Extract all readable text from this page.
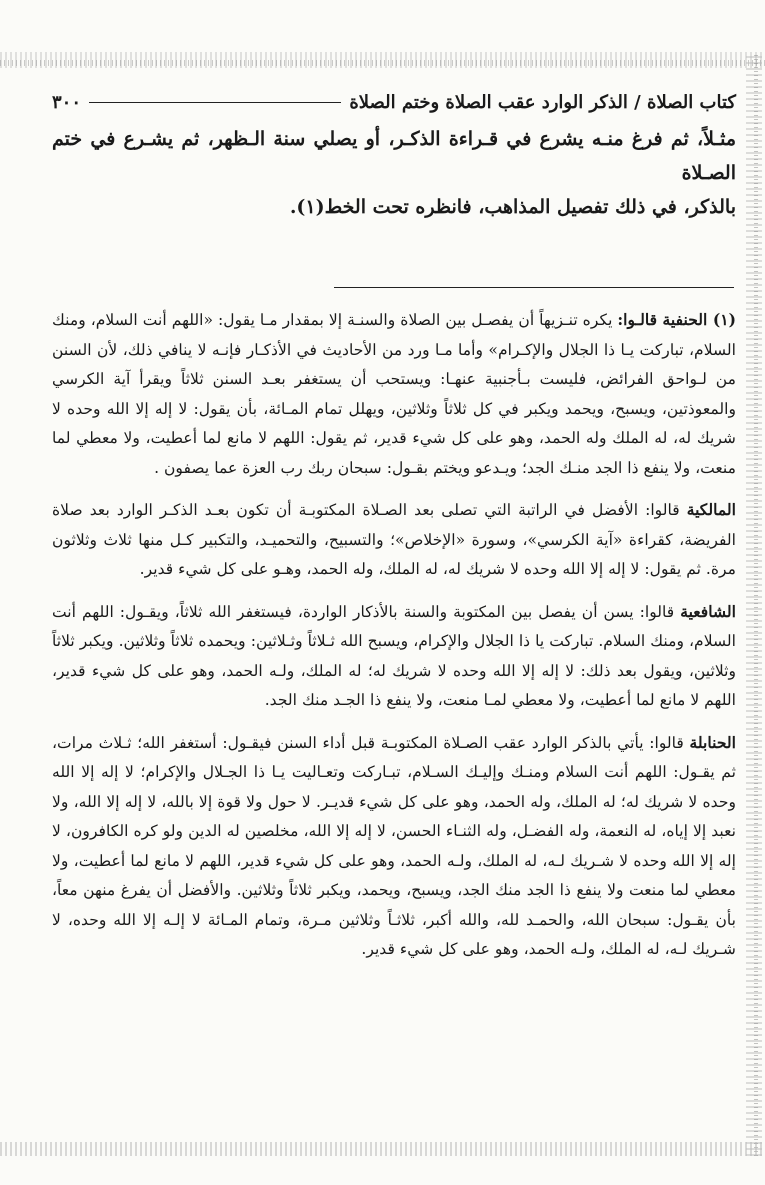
كتاب الصلاة / الذكر الوارد عقب الصلاة وختم الصلاة
٣٠٠
مثـلاً، ثم فرغ منـه يشرع في قـراءة الذكـر، أو يصلي سنة الـظهر، ثم يشـرع في ختم الصـلاة
بالذكر، في ذلك تفصيل المذاهب، فانظره تحت الخط(١).

(١) الحنفية قالـوا: يكره تنـزيهاً أن يفصـل بين الصلاة والسنـة إلا بمقدار مـا يقول: «اللهم أنت السلام، ومنك السلام، تباركت يـا ذا الجلال والإكـرام» وأما مـا ورد من الأحاديث في الأذكـار فإنـه لا ينافي ذلك، لأن السنن من لـواحق الفرائض، فليست بـأجنبية عنهـا: ويستحب أن يستغفر بعـد السنن ثلاثاً ويقرأ آية الكرسي والمعوذتين، ويسبح، ويحمد ويكبر في كل ثلاثاً وثلاثين، ويهلل تمام المـائة، بأن يقول: لا إله إلا الله وحده لا شريك له، له الملك وله الحمد، وهو على كل شيء قدير، ثم يقول: اللهم لا مانع لما أعطيت، ولا معطي لما منعت، ولا ينفع ذا الجد منـك الجد؛ ويـدعو ويختم بقـول: سبحان ربك رب العزة عما يصفون .

المالكية قالوا: الأفضل في الراتبة التي تصلى بعد الصـلاة المكتوبـة أن تكون بعـد الذكـر الوارد بعد صلاة الفريضة، كقراءة «آية الكرسي»، وسورة «الإخلاص»؛ والتسبيح، والتحميـد، والتكبير كـل منها ثلاث وثلاثون مرة. ثم يقول: لا إله إلا الله وحده لا شريك له، له الملك، وله الحمد، وهـو على كل شيء قدير.

الشافعية قالوا: يسن أن يفصل بين المكتوبة والسنة بالأذكار الواردة، فيستغفر الله ثلاثاً، ويقـول: اللهم أنت السلام، ومنك السلام. تباركت يا ذا الجلال والإكرام، ويسبح الله ثـلاثاً وثـلاثين: ويحمده ثلاثاً وثلاثين. ويكبر ثلاثاً وثلاثين، ويقول بعد ذلك: لا إله إلا الله وحده لا شريك له؛ له الملك، ولـه الحمد، وهو على كل شيء قدير، اللهم لا مانع لما أعطيت، ولا معطي لمـا منعت، ولا ينفع ذا الجـد منك الجد.

الحنابلة قالوا: يأتي بالذكر الوارد عقب الصـلاة المكتوبـة قبل أداء السنن فيقـول: أستغفر الله؛ ثـلاث مرات، ثم يقـول: اللهم أنت السلام ومنـك وإليـك السـلام، تبـاركت وتعـاليت يـا ذا الجـلال والإكرام؛ لا إله إلا الله وحده لا شريك له؛ له الملك، وله الحمد، وهو على كل شيء قديـر. لا حول ولا قوة إلا بالله، لا إله إلا الله، ولا نعبد إلا إياه، له النعمة، وله الفضـل، وله الثنـاء الحسن، لا إله إلا الله، مخلصين له الدين ولو كره الكافرون، لا إله إلا الله وحده لا شـريك لـه، له الملك، ولـه الحمد، وهو على كل شيء قدير، اللهم لا مانع لما أعطيت، ولا معطي لما منعت ولا ينفع ذا الجد منك الجد، ويسبح، ويحمد، ويكبر ثلاثاً وثلاثين. والأفضل أن يفرغ منهن معاً، بأن يقـول: سبحان الله، والحمـد لله، والله أكبر، ثلاثـاً وثلاثين مـرة، وتمام المـائة لا إلـه إلا الله وحده، لا شـريك لـه، له الملك، ولـه الحمد، وهو على كل شيء قدير.
